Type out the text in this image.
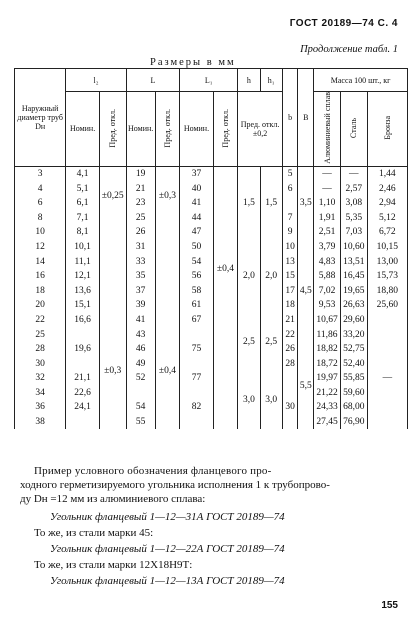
ГОСТ 20189—74 С. 4
Продолжение табл. 1
Размеры в мм
Наружный диаметр труб Dн	l₂		L		L₁		h	h₁	b	B	Масса 100 шт., кг		
	Номин.	Пред. откл.	Номин.	Пред. откл.	Номин.	Пред. откл.	Пред. откл. ±0,2				Алюминиевый сплав	Сталь	Бронза
3	4,1	±0,25	19	±0,3	37	±0,4	1,5	1,5	5	3,5	—	—	1,44
4	5,1		21		40				6		—	2,57	2,46
6	6,1		23		41						1,10	3,08	2,94
8	7,1		25		44				7		1,91	5,35	5,12
10	8,1		26		47				9		2,51	7,03	6,72
12	10,1		31		50		2,0	2,0	10	4,5	3,79	10,60	10,15
14	11,1		33		54				13		4,83	13,51	13,00
16	12,1		35		56				15		5,88	16,45	15,73
18	13,6		37		58				17		7,02	19,65	18,80
20	15,1		39		61				18		9,53	26,63	25,60
22	16,6	±0,3	41	±0,4	67		2,5	2,5	21		10,67	29,60	
25			43						22		11,86	33,20	
28	19,6		46		75				26	5,5	18,82	52,75	
30			49						28		18,72	52,40	
32	21,1		52		77		3,0	3,0			19,97	55,85	—
34	22,6										21,22	59,60	
36	24,1		54		82				30		24,33	68,00	
38			55								27,45	76,90	
Пример условного обозначения фланцевого про-
ходного герметизируемого угольника исполнения 1 к трубопрово-
ду Dн =12 мм из алюминиевого сплава:
Угольник фланцевый 1—12—31А ГОСТ 20189—74
То же, из стали марки 45:
Угольник фланцевый 1—12—22А ГОСТ 20189—74
То же, из стали марки 12Х18Н9Т:
Угольник фланцевый 1—12—13А ГОСТ 20189—74
155
